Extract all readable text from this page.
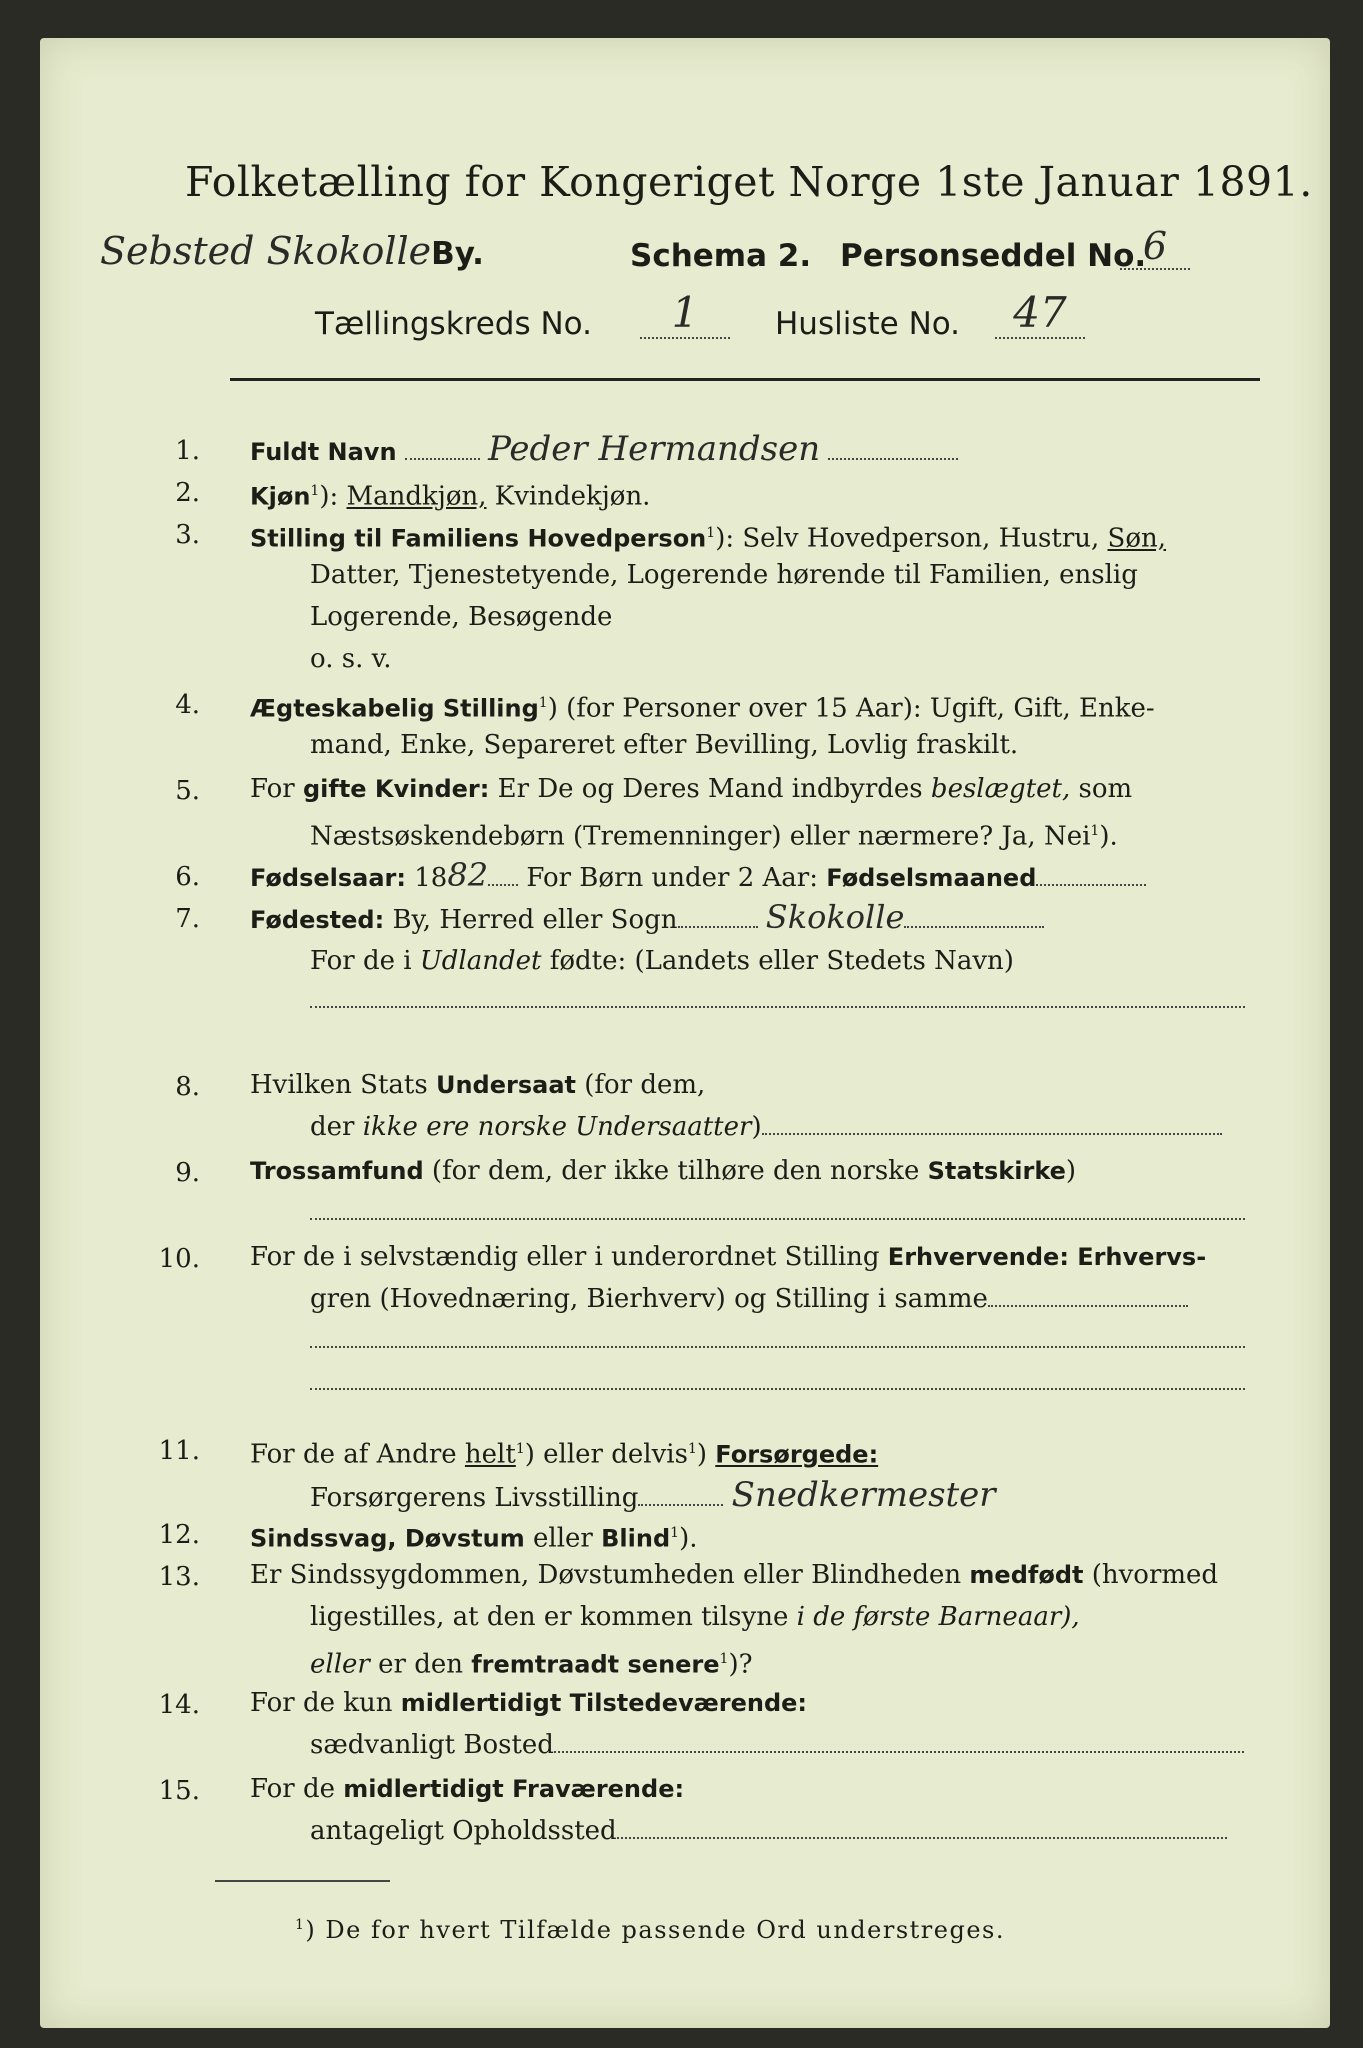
Folketælling for Kongeriget Norge 1ste Januar 1891.
Sebsted SkokolleBy.	Schema 2. Personseddel No.
6
Tællingskreds No.	1	Husliste No.	47
1. Fuldt Navn	Peder Hermandsen
2. Kjøn$^1$): Mandkjøn, Kvindekjøn.
3. Stilling til Familiens Hovedperson$^1$): Selv Hovedperson, Hustru, Søn,
Datter, Tjenestetyende, Logerende hørende til Familien, enslig
Logerende, Besøgende
o. s. v.
4. Ægteskabelig Stilling$^1$) (for Personer over 15 Aar): Ugift, Gift, Enke-
mand, Enke, Separeret efter Bevilling, Lovlig fraskilt.
5. For gifte Kvinder: Er De og Deres Mand indbyrdes beslægtet, som
Næstsøskendebørn (Tremenninger) eller nærmere? Ja, Nei$^1$).
6. Fødselsaar: 1882 For Børn under 2 Aar: Fødselsmaaned
7. Fødested: By, Herred eller Sogn	Skokolle
For de i Udlandet fødte: (Landets eller Stedets Navn)
8. Hvilken Stats Undersaat (for dem,
der ikke ere norske Undersaatter)
9. Trossamfund (for dem, der ikke tilhøre den norske Statskirke)
10. For de i selvstændig eller i underordnet Stilling Erhvervende: Erhvervs-
gren (Hovednæring, Bierhverv) og Stilling i samme
11. For de af Andre helt$^1$) eller delvis$^1$) Forsørgede:
Forsørgerens Livsstilling	Snedkermester
12. Sindssvag, Døvstum eller Blind$^1$).
13. Er Sindssygdommen, Døvstumheden eller Blindheden medfødt (hvormed
ligestilles, at den er kommen tilsyne i de første Barneaar),
eller er den fremtraadt senere$^1$)?
14. For de kun midlertidigt Tilstedeværende:
sædvanligt Bosted
15. For de midlertidigt Fraværende:
antageligt Opholdssted
$^1$) De for hvert Tilfælde passende Ord understreges.
